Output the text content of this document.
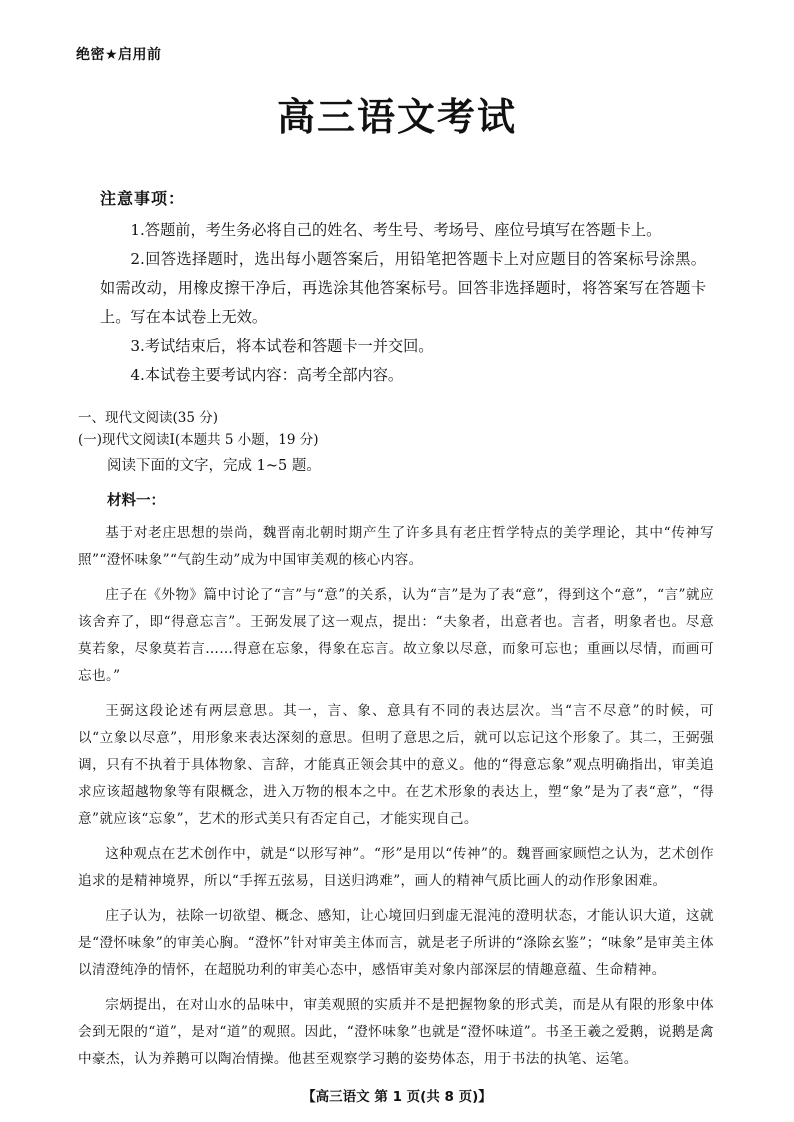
绝密★启用前
高三语文考试
注意事项：

1.答题前，考生务必将自己的姓名、考生号、考场号、座位号填写在答题卡上。

2.回答选择题时，选出每小题答案后，用铅笔把答题卡上对应题目的答案标号涂黑。如需改动，用橡皮擦干净后，再选涂其他答案标号。回答非选择题时，将答案写在答题卡上。写在本试卷上无效。

3.考试结束后，将本试卷和答题卡一并交回。

4.本试卷主要考试内容：高考全部内容。

一、现代文阅读(35 分)
(一)现代文阅读Ⅰ(本题共 5 小题，19 分)

阅读下面的文字，完成 1~5 题。

材料一：

基于对老庄思想的崇尚，魏晋南北朝时期产生了许多具有老庄哲学特点的美学理论，其中“传神写照”“澄怀味象”“气韵生动”成为中国审美观的核心内容。

庄子在《外物》篇中讨论了“言”与“意”的关系，认为“言”是为了表“意”，得到这个“意”，“言”就应该舍弃了，即“得意忘言”。王弼发展了这一观点，提出：“夫象者，出意者也。言者，明象者也。尽意莫若象，尽象莫若言……得意在忘象，得象在忘言。故立象以尽意，而象可忘也；重画以尽情，而画可忘也。”

王弼这段论述有两层意思。其一，言、象、意具有不同的表达层次。当“言不尽意”的时候，可以“立象以尽意”，用形象来表达深刻的意思。但明了意思之后，就可以忘记这个形象了。其二，王弼强调，只有不执着于具体物象、言辞，才能真正领会其中的意义。他的“得意忘象”观点明确指出，审美追求应该超越物象等有限概念，进入万物的根本之中。在艺术形象的表达上，塑“象”是为了表“意”，“得意”就应该“忘象”，艺术的形式美只有否定自己，才能实现自己。

这种观点在艺术创作中，就是“以形写神”。“形”是用以“传神”的。魏晋画家顾恺之认为，艺术创作追求的是精神境界，所以“手挥五弦易，目送归鸿难”，画人的精神气质比画人的动作形象困难。

庄子认为，祛除一切欲望、概念、感知，让心境回归到虚无混沌的澄明状态，才能认识大道，这就是“澄怀味象”的审美心胸。“澄怀”针对审美主体而言，就是老子所讲的“涤除玄鉴”；“味象”是审美主体以清澄纯净的情怀，在超脱功利的审美心态中，感悟审美对象内部深层的情趣意蕴、生命精神。

宗炳提出，在对山水的品味中，审美观照的实质并不是把握物象的形式美，而是从有限的形象中体会到无限的“道”，是对“道”的观照。因此，“澄怀味象”也就是“澄怀味道”。书圣王羲之爱鹅，说鹅是禽中豪杰，认为养鹅可以陶冶情操。他甚至观察学习鹅的姿势体态，用于书法的执笔、运笔。

【高三语文 第 1 页(共 8 页)】
